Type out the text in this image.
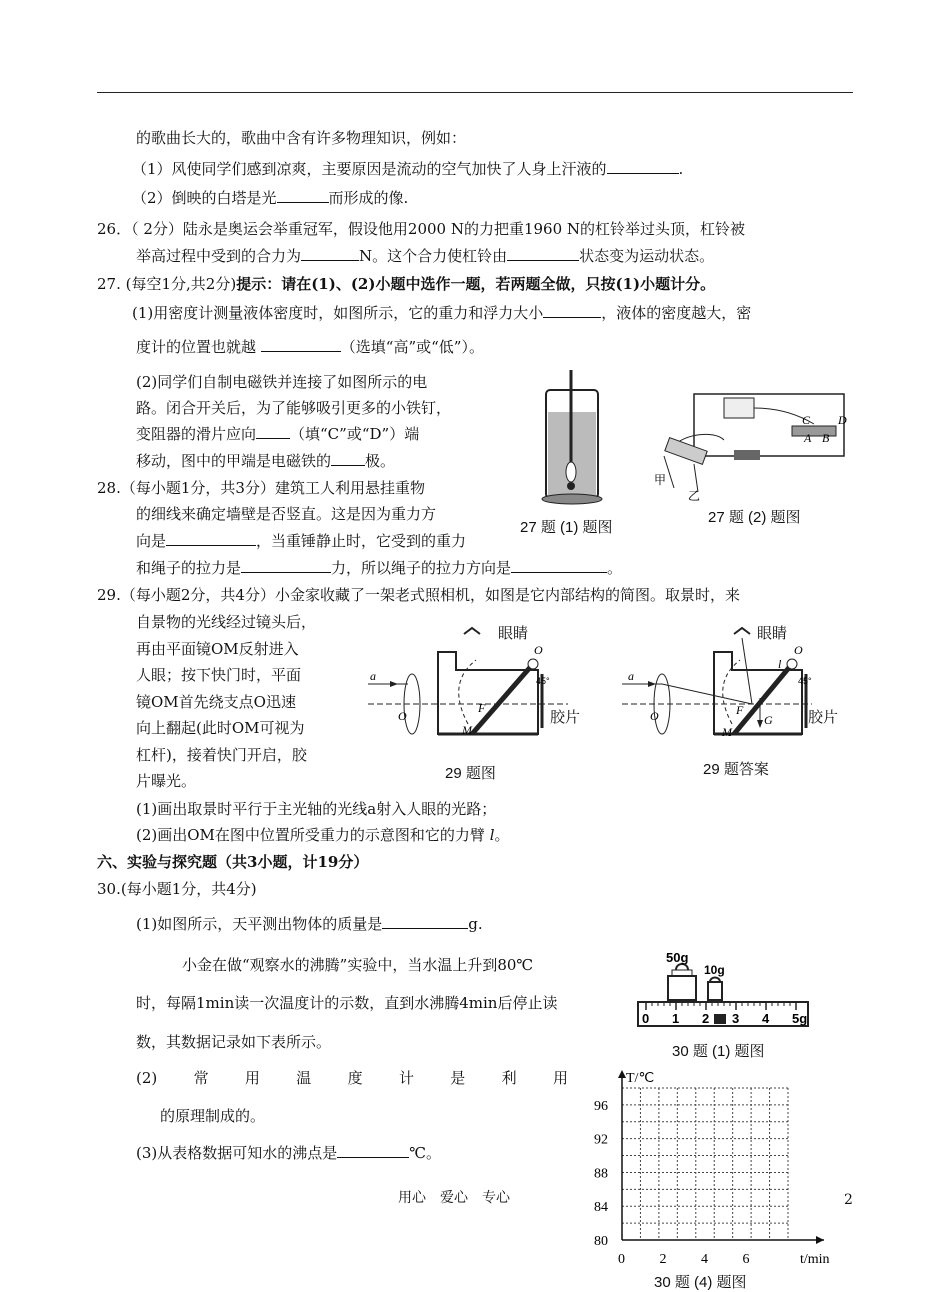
的歌曲长大的，歌曲中含有许多物理知识，例如：
（1）风使同学们感到凉爽，主要原因是流动的空气加快了人身上汗液的	.
（2）倒映的白塔是光	而形成的像.
26．（ 2分）陆永是奥运会举重冠军，假设他用2000 N的力把重1960 N的杠铃举过头顶，杠铃被
举高过程中受到的合力为	N。这个合力使杠铃由	状态变为运动状态。
27. (每空1分,共2分)提示：请在(1)、(2)小题中选作一题，若两题全做，只按(1)小题计分。
(1)用密度计测量液体密度时，如图所示，它的重力和浮力大小	，液体的密度越大，密
度计的位置也就越	（选填“高”或“低”）。
(2)同学们自制电磁铁并连接了如图所示的电
路。闭合开关后，为了能够吸引更多的小铁钉，
变阻器的滑片应向 （填“C”或“D”）端
移动，图中的甲端是电磁铁的 极。
28.（每小题1分，共3分）建筑工人利用悬挂重物
的细线来确定墙壁是否竖直。这是因为重力方
向是	，当重锤静止时，它受到的重力
和绳子的拉力是	力，所以绳子的拉力方向是	。
29.（每小题2分，共4分）小金家收藏了一架老式照相机，如图是它内部结构的简图。取景时，来
自景物的光线经过镜头后，
再由平面镜OM反射进入
人眼；按下快门时，平面
镜OM首先绕支点O迅速
向上翻起(此时OM可视为
杠杆)，接着快门开启，胶
片曝光。
(1)画出取景时平行于主光轴的光线a射入人眼的光路；
(2)画出OM在图中位置所受重力的示意图和它的力臂 l。
六、实验与探究题（共3小题，计19分）
30.(每小题1分，共4分)
(1)如图所示，天平测出物体的质量是	g.
小金在做“观察水的沸腾”实验中，当水温上升到80℃
时，每隔1min读一次温度计的示数，直到水沸腾4min后停止读
数，其数据记录如下表所示。
(2) 常 用 温 度 计 是 利 用
的原理制成的。
(3)从表格数据可知水的沸点是	℃。
用心　爱心　专心	2
27 题 (1) 题图
C
A B
D
甲
乙
27 题 (2) 题图
a
O
O
F
M
45°
眼睛
胶片
29 题图
a
O
O
F
M
G
l
45°
眼睛
胶片
29 题答案
50g
10g
0 1 2 3 4 5g
30 题 (1) 题图
80
84
88
92
96
0 2 4 6
T/℃
t/min
30 题 (4) 题图
